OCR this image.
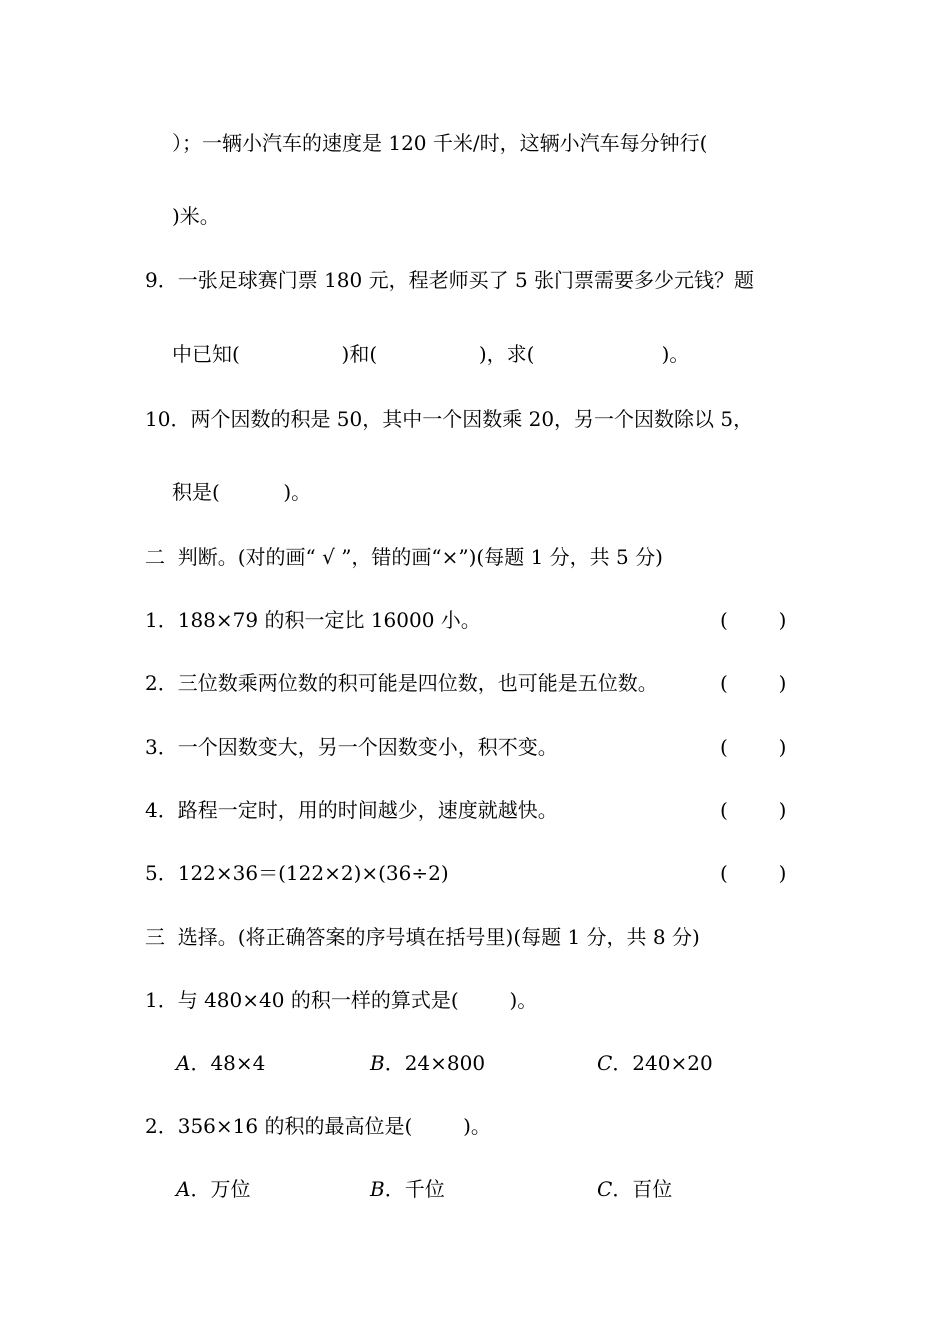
）；一辆小汽车的速度是 120 千米/时，这辆小汽车每分钟行(
)米。
9．一张足球赛门票 180 元，程老师买了 5 张门票需要多少元钱？题
中已知(                )和(                )，求(                    )。
10．两个因数的积是 50，其中一个因数乘 20，另一个因数除以 5，
积是(          )。
二  判断。(对的画“ √ ”，错的画“×”)(每题 1 分，共 5 分)
1．188×79 的积一定比 16000 小。	(        )
2．三位数乘两位数的积可能是四位数，也可能是五位数。	(        )
3．一个因数变大，另一个因数变小，积不变。	(        )
4．路程一定时，用的时间越少，速度就越快。	(        )
5．122×36＝(122×2)×(36÷2)	(        )
三  选择。(将正确答案的序号填在括号里)(每题 1 分，共 8 分)
1．与 480×40 的积一样的算式是(        )。
A．48×4	B．24×800	C．240×20
2．356×16 的积的最高位是(        )。
A．万位	B．千位	C．百位
